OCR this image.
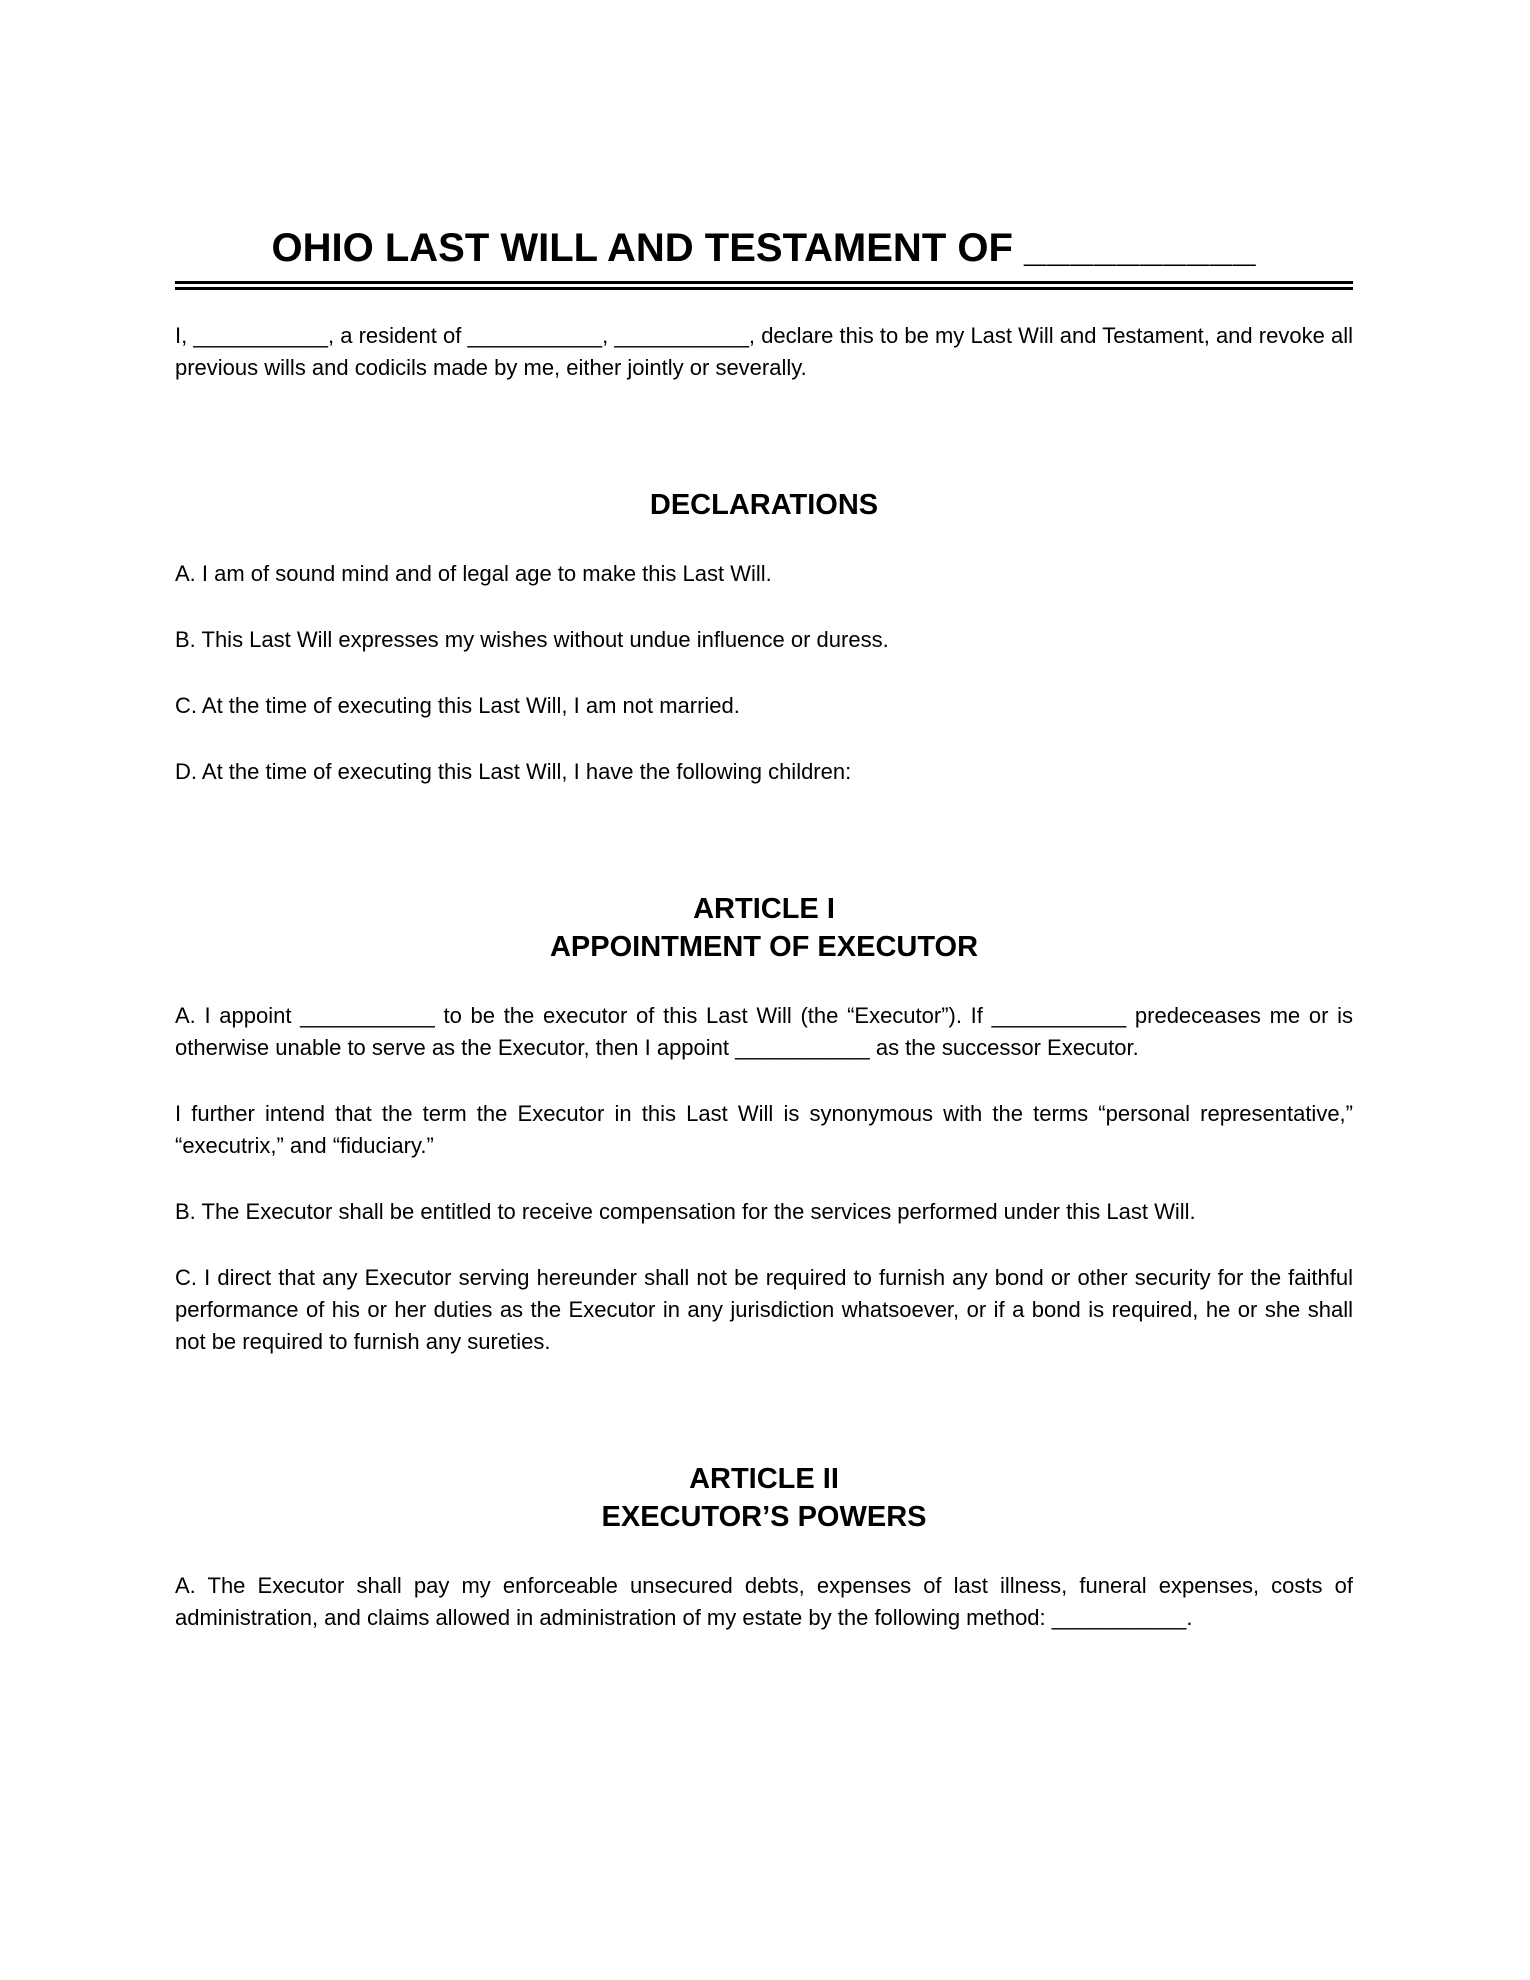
OHIO LAST WILL AND TESTAMENT OF __________

I, ___________, a resident of ___________, ___________, declare this to be my Last Will and Testament, and revoke all previous wills and codicils made by me, either jointly or severally.

DECLARATIONS

A. I am of sound mind and of legal age to make this Last Will.

B. This Last Will expresses my wishes without undue influence or duress.

C. At the time of executing this Last Will, I am not married.

D. At the time of executing this Last Will, I have the following children:

ARTICLE I
APPOINTMENT OF EXECUTOR

A. I appoint ___________ to be the executor of this Last Will (the “Executor”). If ___________ predeceases me or is otherwise unable to serve as the Executor, then I appoint ___________ as the successor Executor.

I further intend that the term the Executor in this Last Will is synonymous with the terms “personal representative,” “executrix,” and “fiduciary.”

B. The Executor shall be entitled to receive compensation for the services performed under this Last Will.

C. I direct that any Executor serving hereunder shall not be required to furnish any bond or other security for the faithful performance of his or her duties as the Executor in any jurisdiction whatsoever, or if a bond is required, he or she shall not be required to furnish any sureties.

ARTICLE II
EXECUTOR’S POWERS

A. The Executor shall pay my enforceable unsecured debts, expenses of last illness, funeral expenses, costs of administration, and claims allowed in administration of my estate by the following method: ___________.
